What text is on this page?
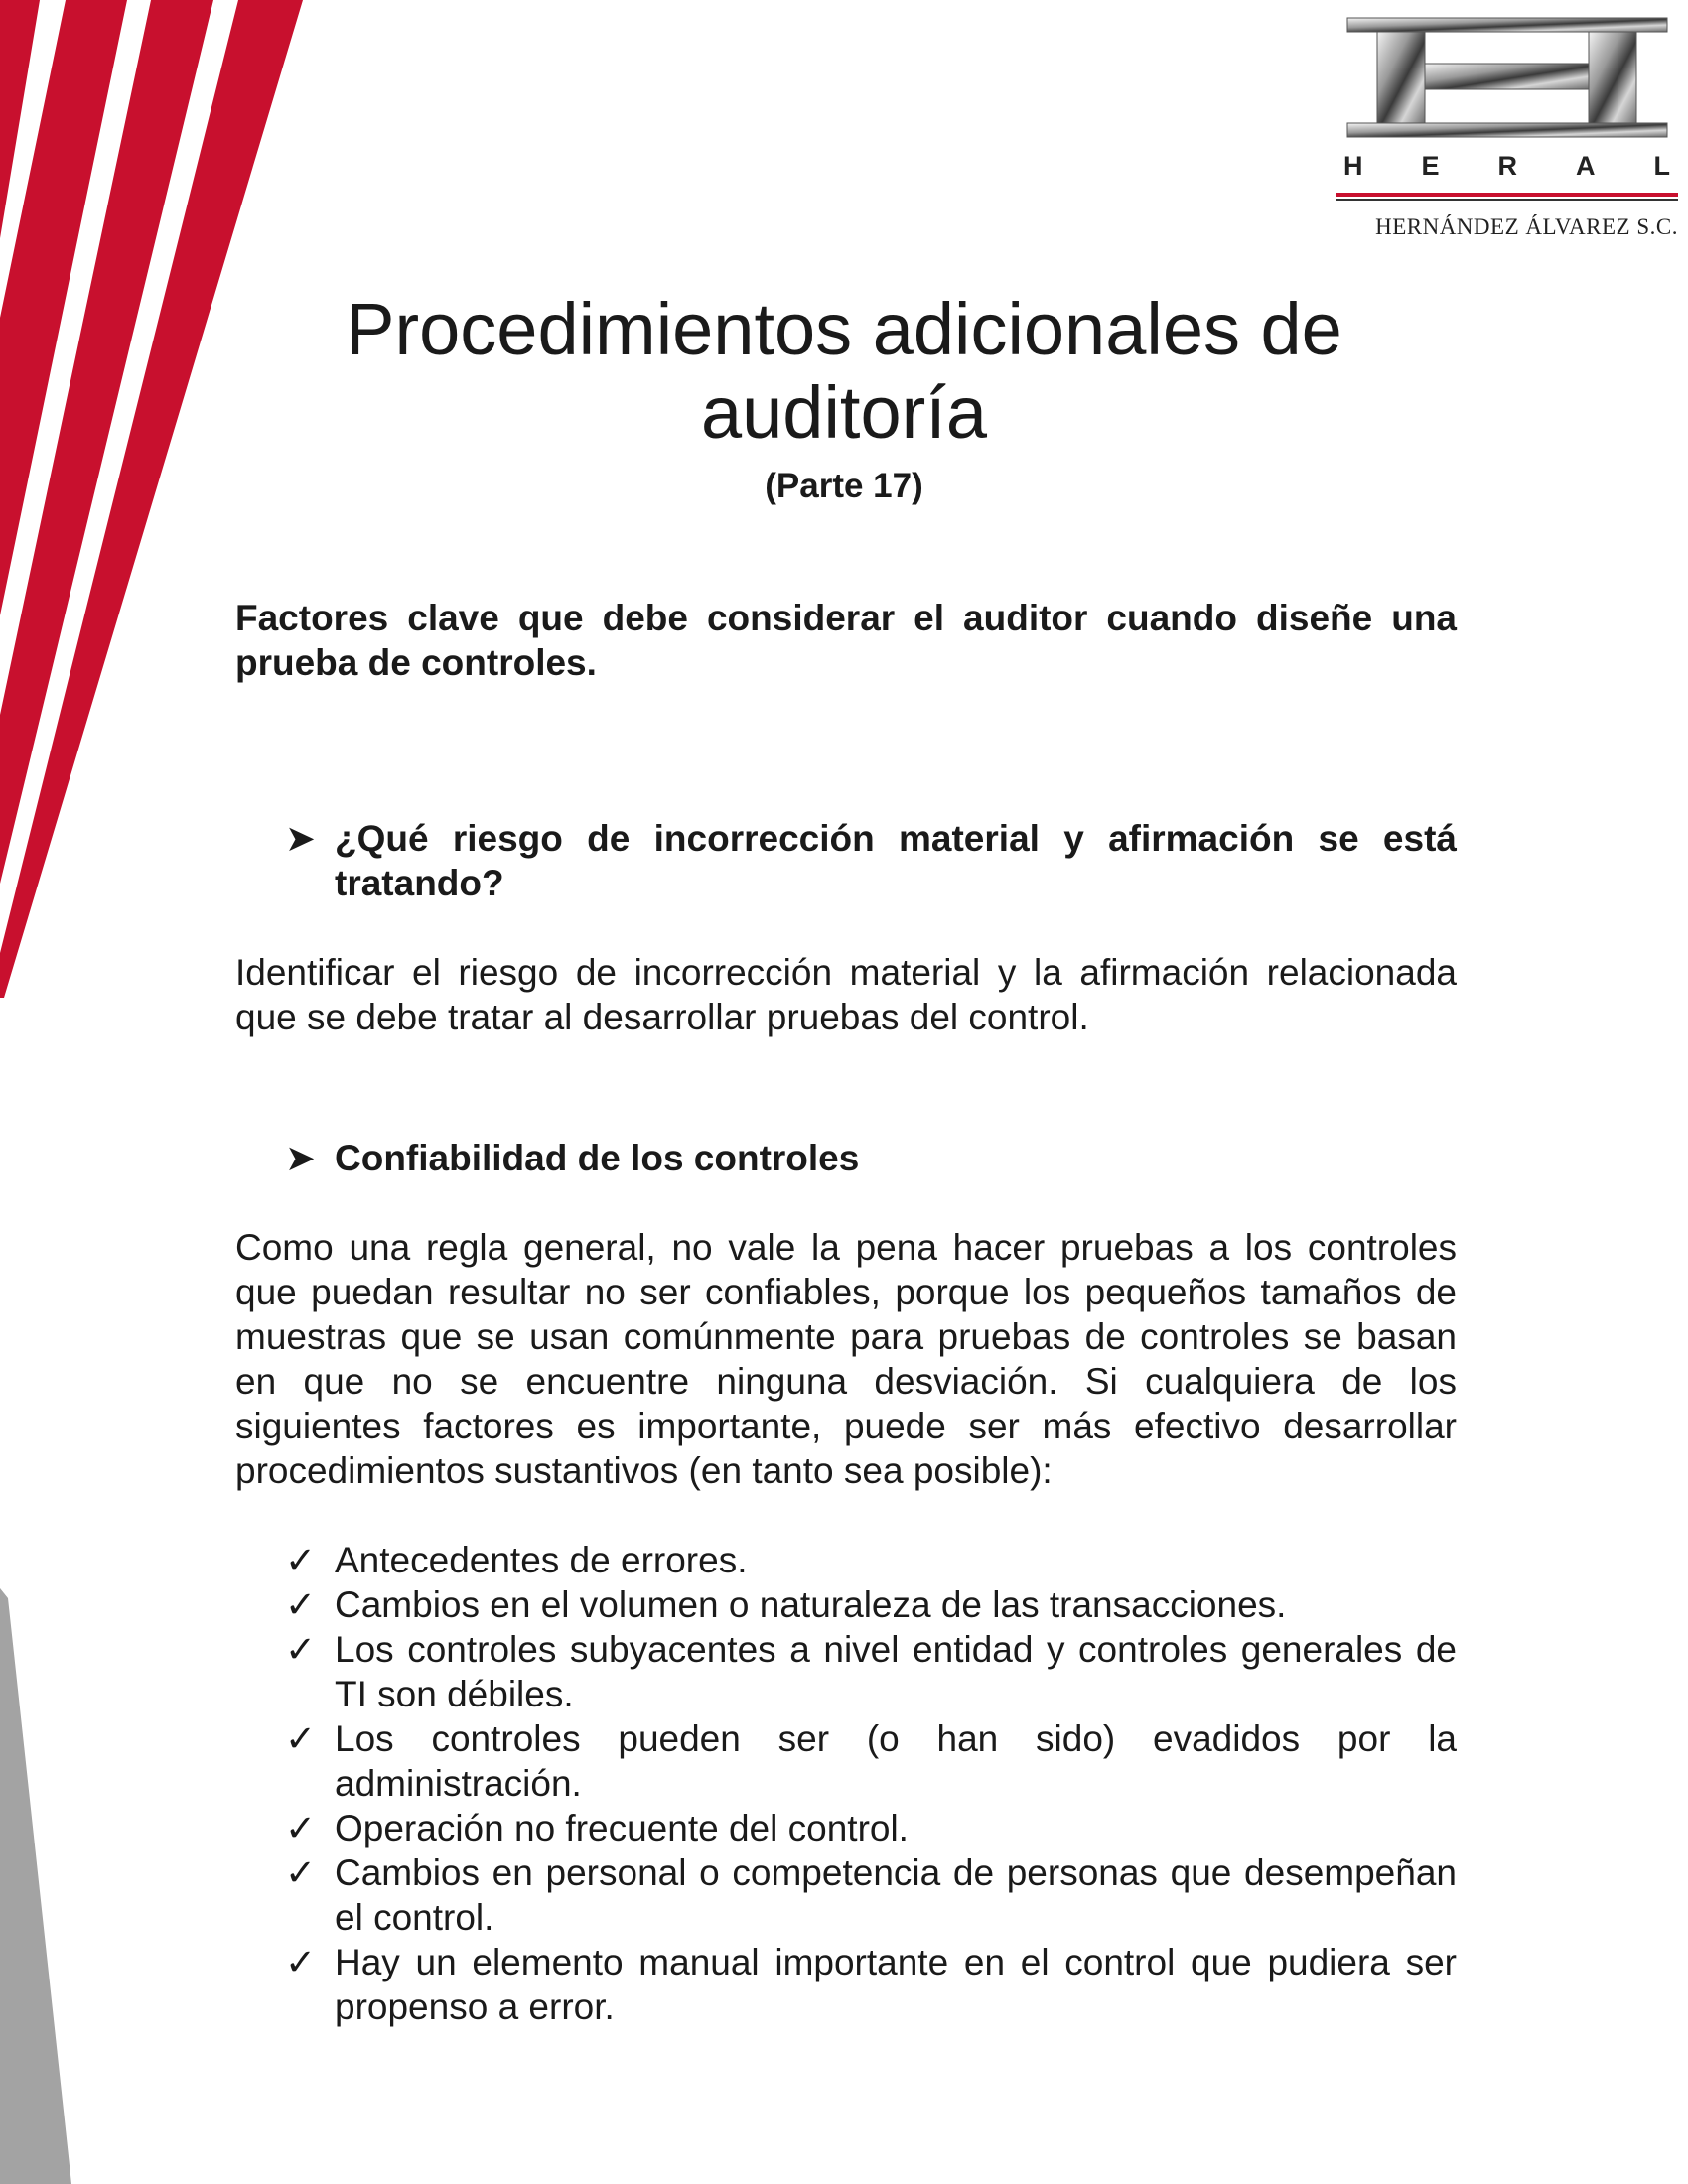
H E R A L
HERNÁNDEZ ÁLVAREZ S.C.
Procedimientos adicionales de
auditoría
(Parte 17)

Factores clave que debe considerar el auditor cuando diseñe una prueba de controles.

➤ ¿Qué riesgo de incorrección material y afirmación se está tratando?

Identificar el riesgo de incorrección material y la afirmación relacionada que se debe tratar al desarrollar pruebas del control.

➤ Confiabilidad de los controles

Como una regla general, no vale la pena hacer pruebas a los controles que puedan resultar no ser confiables, porque los pequeños tamaños de muestras que se usan comúnmente para pruebas de controles se basan en que no se encuentre ninguna desviación. Si cualquiera de los siguientes factores es importante, puede ser más efectivo desarrollar procedimientos sustantivos (en tanto sea posible):

✓ Antecedentes de errores.
✓ Cambios en el volumen o naturaleza de las transacciones.
✓ Los controles subyacentes a nivel entidad y controles generales de TI son débiles.
✓ Los controles pueden ser (o han sido) evadidos por la administración.
✓ Operación no frecuente del control.
✓ Cambios en personal o competencia de personas que desempeñan el control.
✓ Hay un elemento manual importante en el control que pudiera ser propenso a error.
